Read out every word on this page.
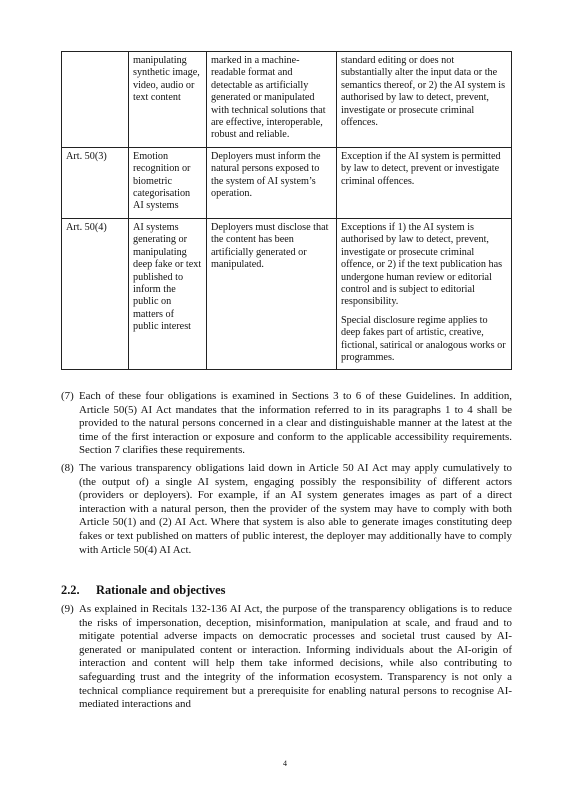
	manipulating synthetic image, video, audio or text content	marked in a machine-readable format and detectable as artificially generated or manipulated with technical solutions that are effective, interoperable, robust and reliable.	standard editing or does not substantially alter the input data or the semantics thereof, or 2) the AI system is authorised by law to detect, prevent, investigate or prosecute criminal offences.

Art. 50(3)	Emotion recognition or biometric categorisation AI systems	Deployers must inform the natural persons exposed to the system of AI system’s operation.	Exception if the AI system is permitted by law to detect, prevent or investigate criminal offences.

Art. 50(4)	AI systems generating or manipulating deep fake or text published to inform the public on matters of public interest	Deployers must disclose that the content has been artificially generated or manipulated.	Exceptions if 1) the AI system is authorised by law to detect, prevent, investigate or prosecute criminal offence, or 2) if the text publication has undergone human review or editorial control and is subject to editorial responsibility.

Special disclosure regime applies to deep fakes part of artistic, creative, fictional, satirical or analogous works or programmes.

(7) Each of these four obligations is examined in Sections 3 to 6 of these Guidelines. In addition, Article 50(5) AI Act mandates that the information referred to in its paragraphs 1 to 4 shall be provided to the natural persons concerned in a clear and distinguishable manner at the latest at the time of the first interaction or exposure and conform to the applicable accessibility requirements. Section 7 clarifies these requirements.
(8) The various transparency obligations laid down in Article 50 AI Act may apply cumulatively to (the output of) a single AI system, engaging possibly the responsibility of different actors (providers or deployers). For example, if an AI system generates images as part of a direct interaction with a natural person, then the provider of the system may have to comply with both Article 50(1) and (2) AI Act. Where that system is also able to generate images constituting deep fakes or text published on matters of public interest, the deployer may additionally have to comply with Article 50(4) AI Act.
2.2. Rationale and objectives
(9) As explained in Recitals 132-136 AI Act, the purpose of the transparency obligations is to reduce the risks of impersonation, deception, misinformation, manipulation at scale, and fraud and to mitigate potential adverse impacts on democratic processes and societal trust caused by AI-generated or manipulated content or interaction. Informing individuals about the AI-origin of interaction and content will help them take informed decisions, while also contributing to safeguarding trust and the integrity of the information ecosystem. Transparency is not only a technical compliance requirement but a prerequisite for enabling natural persons to recognise AI-mediated interactions and
4
